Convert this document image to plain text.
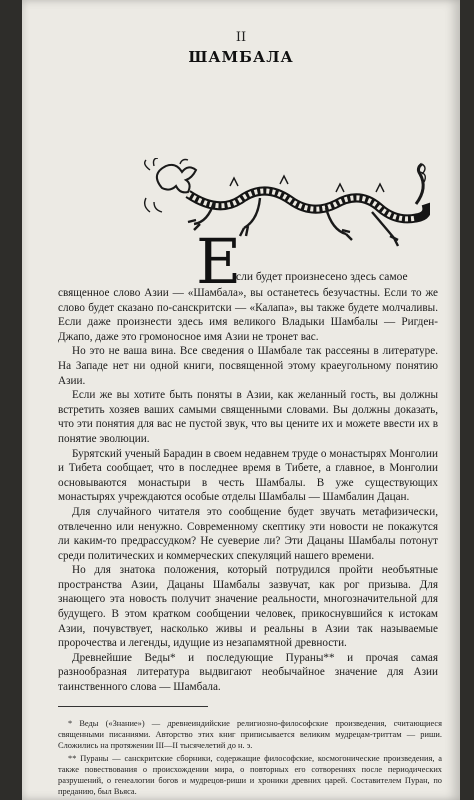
II
ШАМБАЛА
Е
сли будет произнесено здесь самое

священное слово Азии — «Шамбала», вы останетесь безучастны. Если то же слово будет сказано по-санскритски — «Калапа», вы также будете молчаливы. Если даже произнести здесь имя великого Владыки Шамбалы — Ригден-Джапо, даже это громоносное имя Азии не тронет вас.

Но это не ваша вина. Все сведения о Шамбале так рассеяны в литературе. На Западе нет ни одной книги, посвященной этому краеугольному понятию Азии.

Если же вы хотите быть поняты в Азии, как желанный гость, вы должны встретить хозяев ваших самыми священными словами. Вы должны доказать, что эти понятия для вас не пустой звук, что вы цените их и можете ввести их в понятие эволюции.

Бурятский ученый Барадин в своем недавнем труде о монастырях Монголии и Тибета сообщает, что в последнее время в Тибете, а главное, в Монголии основываются монастыри в честь Шамбалы. В уже существующих монастырях учреждаются особые отделы Шамбалы — Шамбалин Дацан.

Для случайного читателя это сообщение будет звучать метафизически, отвлеченно или ненужно. Современному скептику эти новости не покажутся ли каким-то предрассудком? Не суеверие ли? Эти Дацаны Шамбалы потонут среди политических и коммерческих спекуляций нашего времени.

Но для знатока положения, который потрудился пройти необъятные пространства Азии, Дацаны Шамбалы зазвучат, как рог призыва. Для знающего эта новость получит значение реальности, многозначительной для будущего. В этом кратком сообщении человек, прикоснувшийся к истокам Азии, почувствует, насколько живы и реальны в Азии так называемые пророчества и легенды, идущие из незапамятной древности.

Древнейшие Веды* и последующие Пураны** и прочая самая разнообразная литература выдвигают необычайное значение для Азии таинственного слова — Шамбала.

* Веды («Знание») — древнеиндийские религиозно-философские произведения, считающиеся священными писаниями. Авторство этих книг приписывается великим мудрецам-триттам — риши. Сложились на протяжении III—II тысячелетий до н. э.

** Пураны — санскритские сборники, содержащие философские, космогонические произведения, а также повествования о происхождении мира, о повторных его сотворениях после периодических разрушений, о генеалогии богов и мудрецов-риши и хроники древних царей. Составителем Пуран, по преданию, был Вьяса.
